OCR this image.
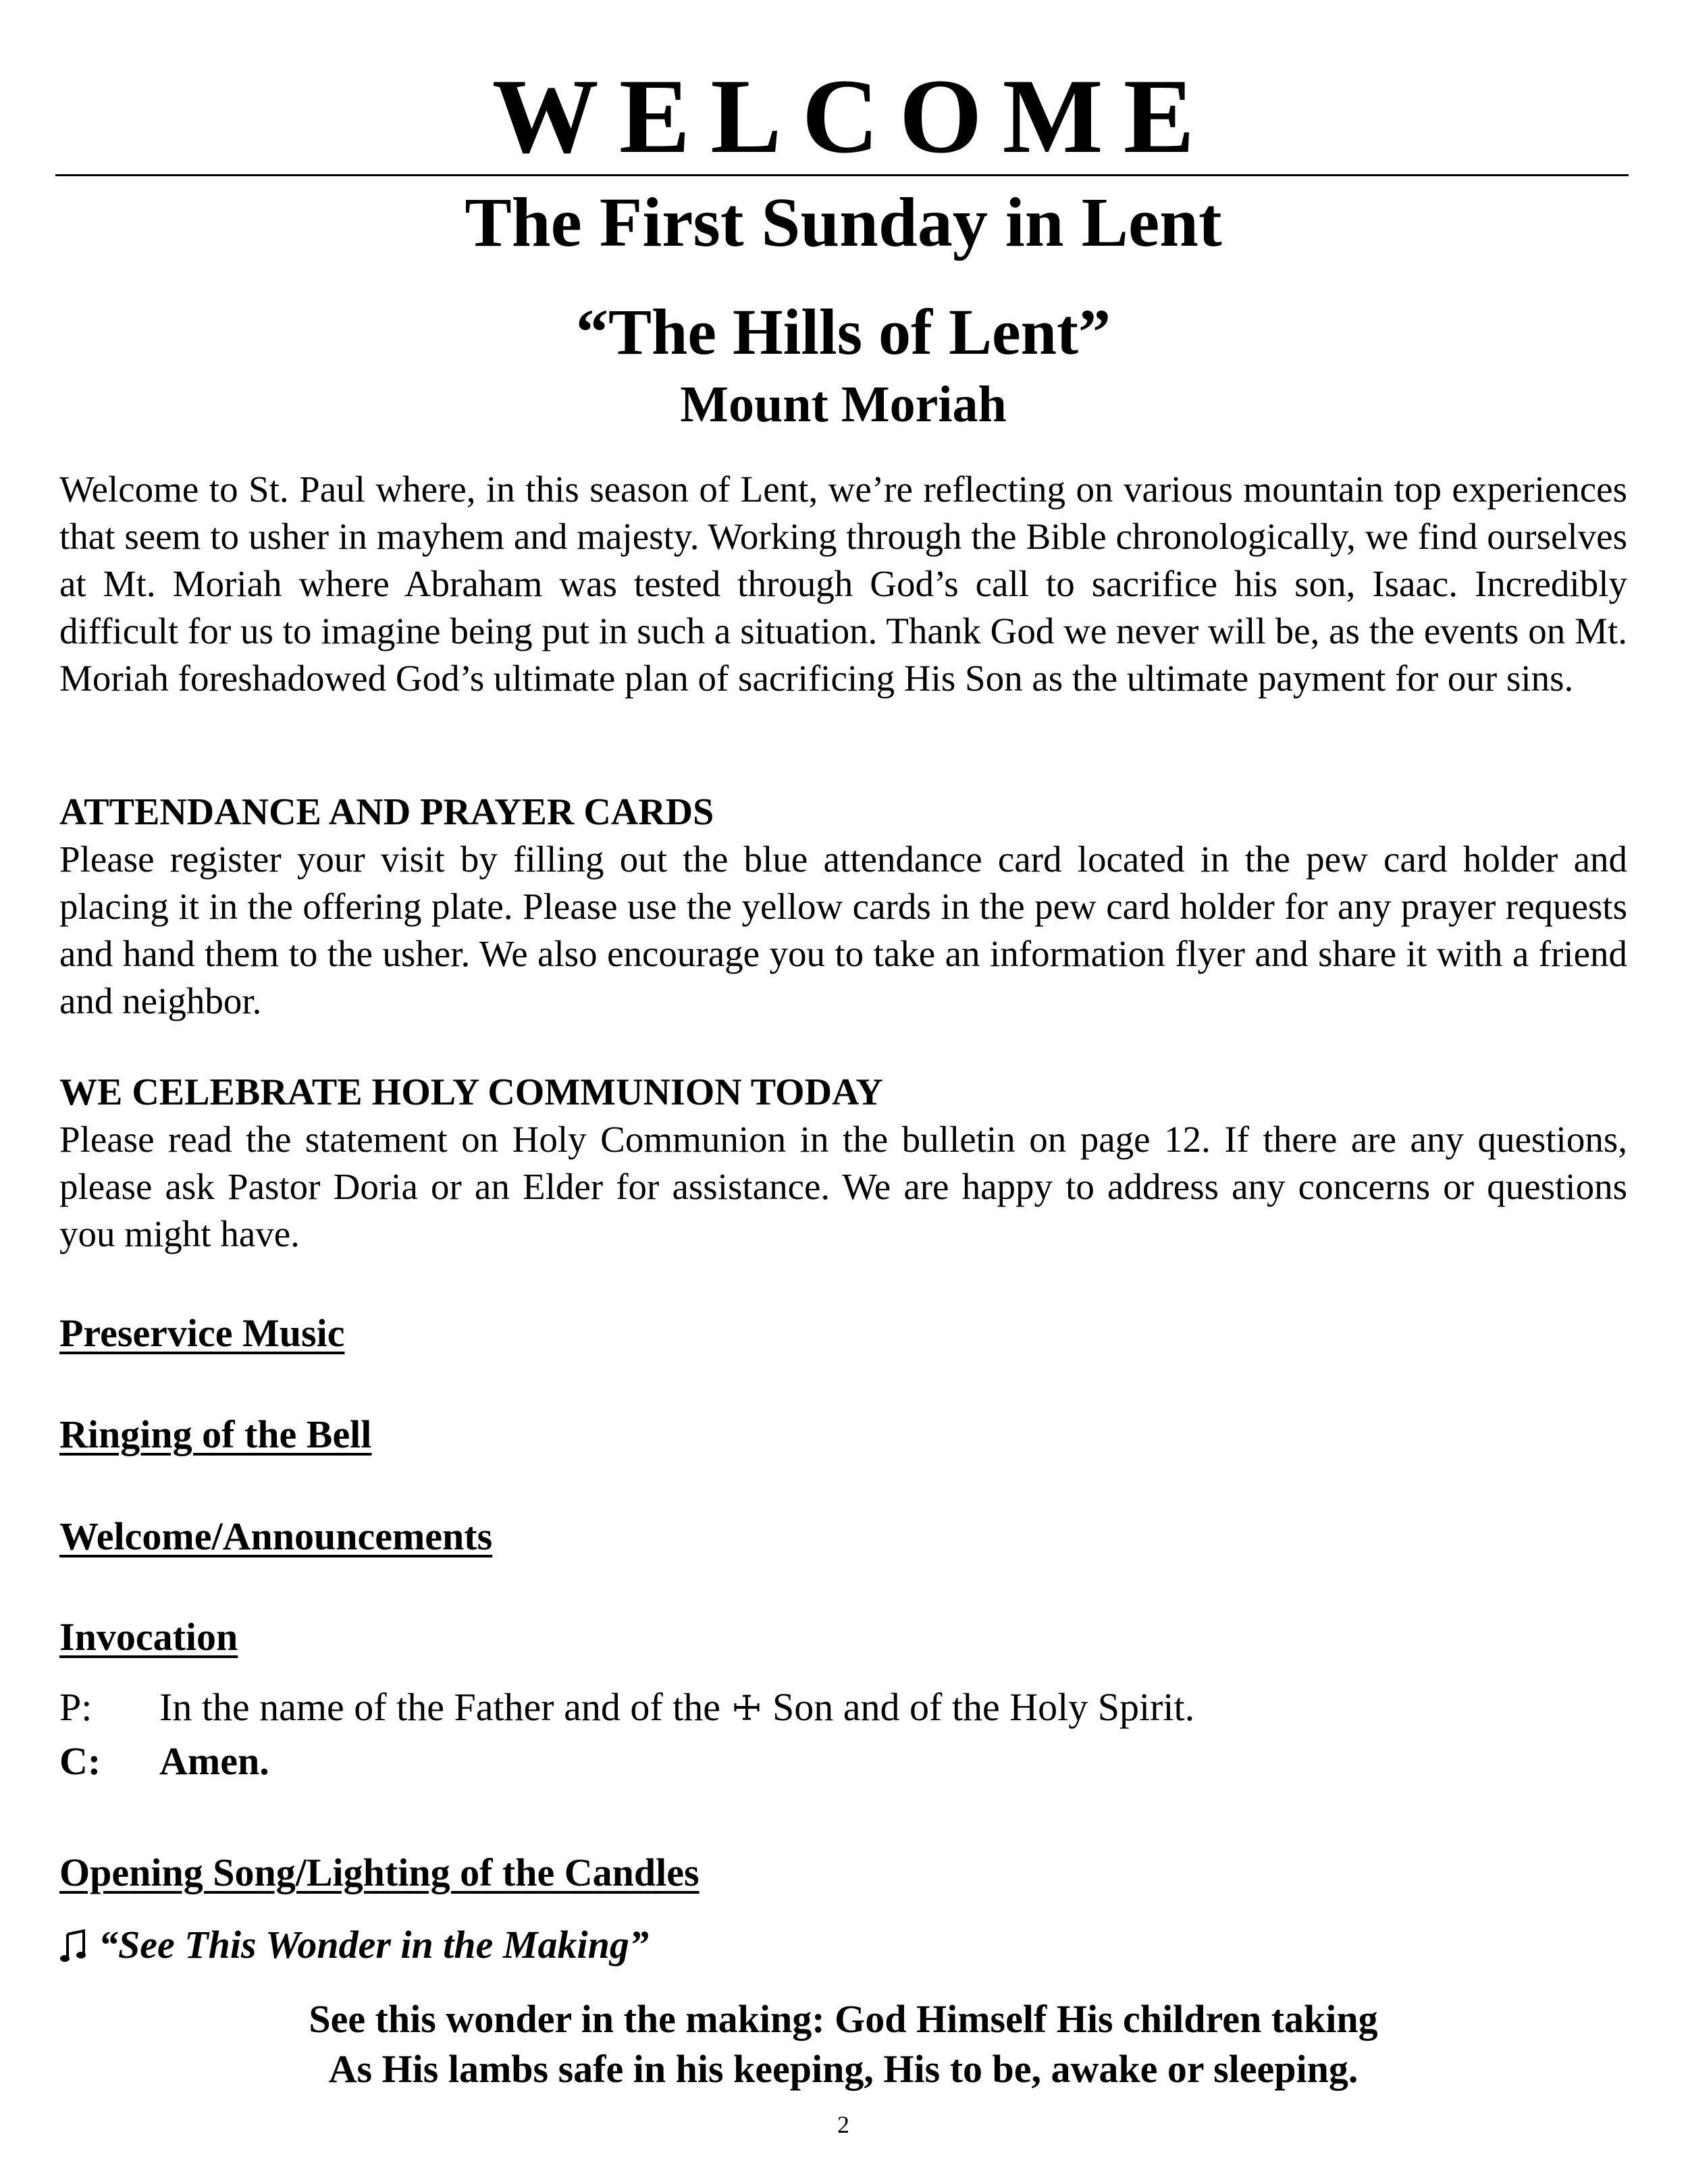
WELCOME
The First Sunday in Lent
“The Hills of Lent”
Mount Moriah

Welcome to St. Paul where, in this season of Lent, we’re reflecting on various mountain top experiences that seem to usher in mayhem and majesty. Working through the Bible chronologically, we find ourselves at Mt. Moriah where Abraham was tested through God’s call to sacrifice his son, Isaac. Incredibly difficult for us to imagine being put in such a situation. Thank God we never will be, as the events on Mt. Moriah foreshadowed God’s ultimate plan of sacrificing His Son as the ultimate payment for our sins.

ATTENDANCE AND PRAYER CARDS

Please register your visit by filling out the blue attendance card located in the pew card holder and placing it in the offering plate. Please use the yellow cards in the pew card holder for any prayer requests and hand them to the usher. We also encourage you to take an information flyer and share it with a friend and neighbor.

WE CELEBRATE HOLY COMMUNION TODAY

Please read the statement on Holy Communion in the bulletin on page 12. If there are any questions, please ask Pastor Doria or an Elder for assistance. We are happy to address any concerns or questions you might have.

Preservice Music

Ringing of the Bell

Welcome/Announcements

Invocation

P: In the name of the Father and of the Son and of the Holy Spirit.
C: Amen.

Opening Song/Lighting of the Candles

“See This Wonder in the Making”
See this wonder in the making: God Himself His children taking
As His lambs safe in his keeping, His to be, awake or sleeping.
2
